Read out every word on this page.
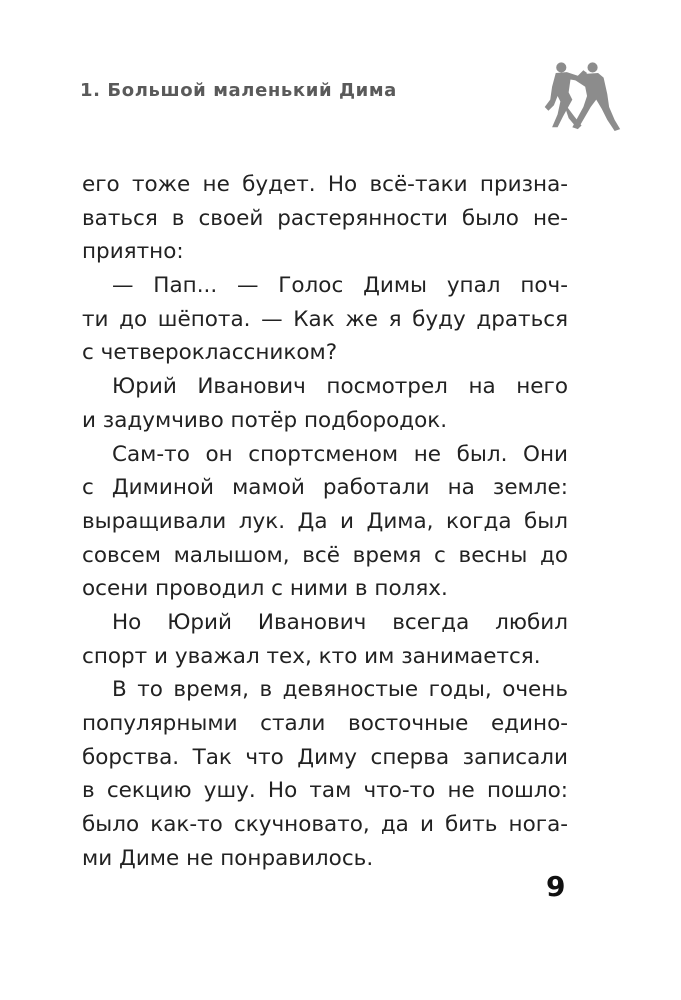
1. Большой маленький Дима
его тоже не будет. Но всё-таки призна-
ваться в своей растерянности было не-
приятно:
— Пап... — Голос Димы упал поч-
ти до шёпота. — Как же я буду драться
с четвероклассником?
Юрий Иванович посмотрел на него
и задумчиво потёр подбородок.
Сам-то он спортсменом не был. Они
с Диминой мамой работали на земле:
выращивали лук. Да и Дима, когда был
совсем малышом, всё время с весны до
осени проводил с ними в полях.
Но Юрий Иванович всегда любил
спорт и уважал тех, кто им занимается.
В то время, в девяностые годы, очень
популярными стали восточные едино-
борства. Так что Диму сперва записали
в секцию ушу. Но там что-то не пошло:
было как-то скучновато, да и бить нога-
ми Диме не понравилось.
9
